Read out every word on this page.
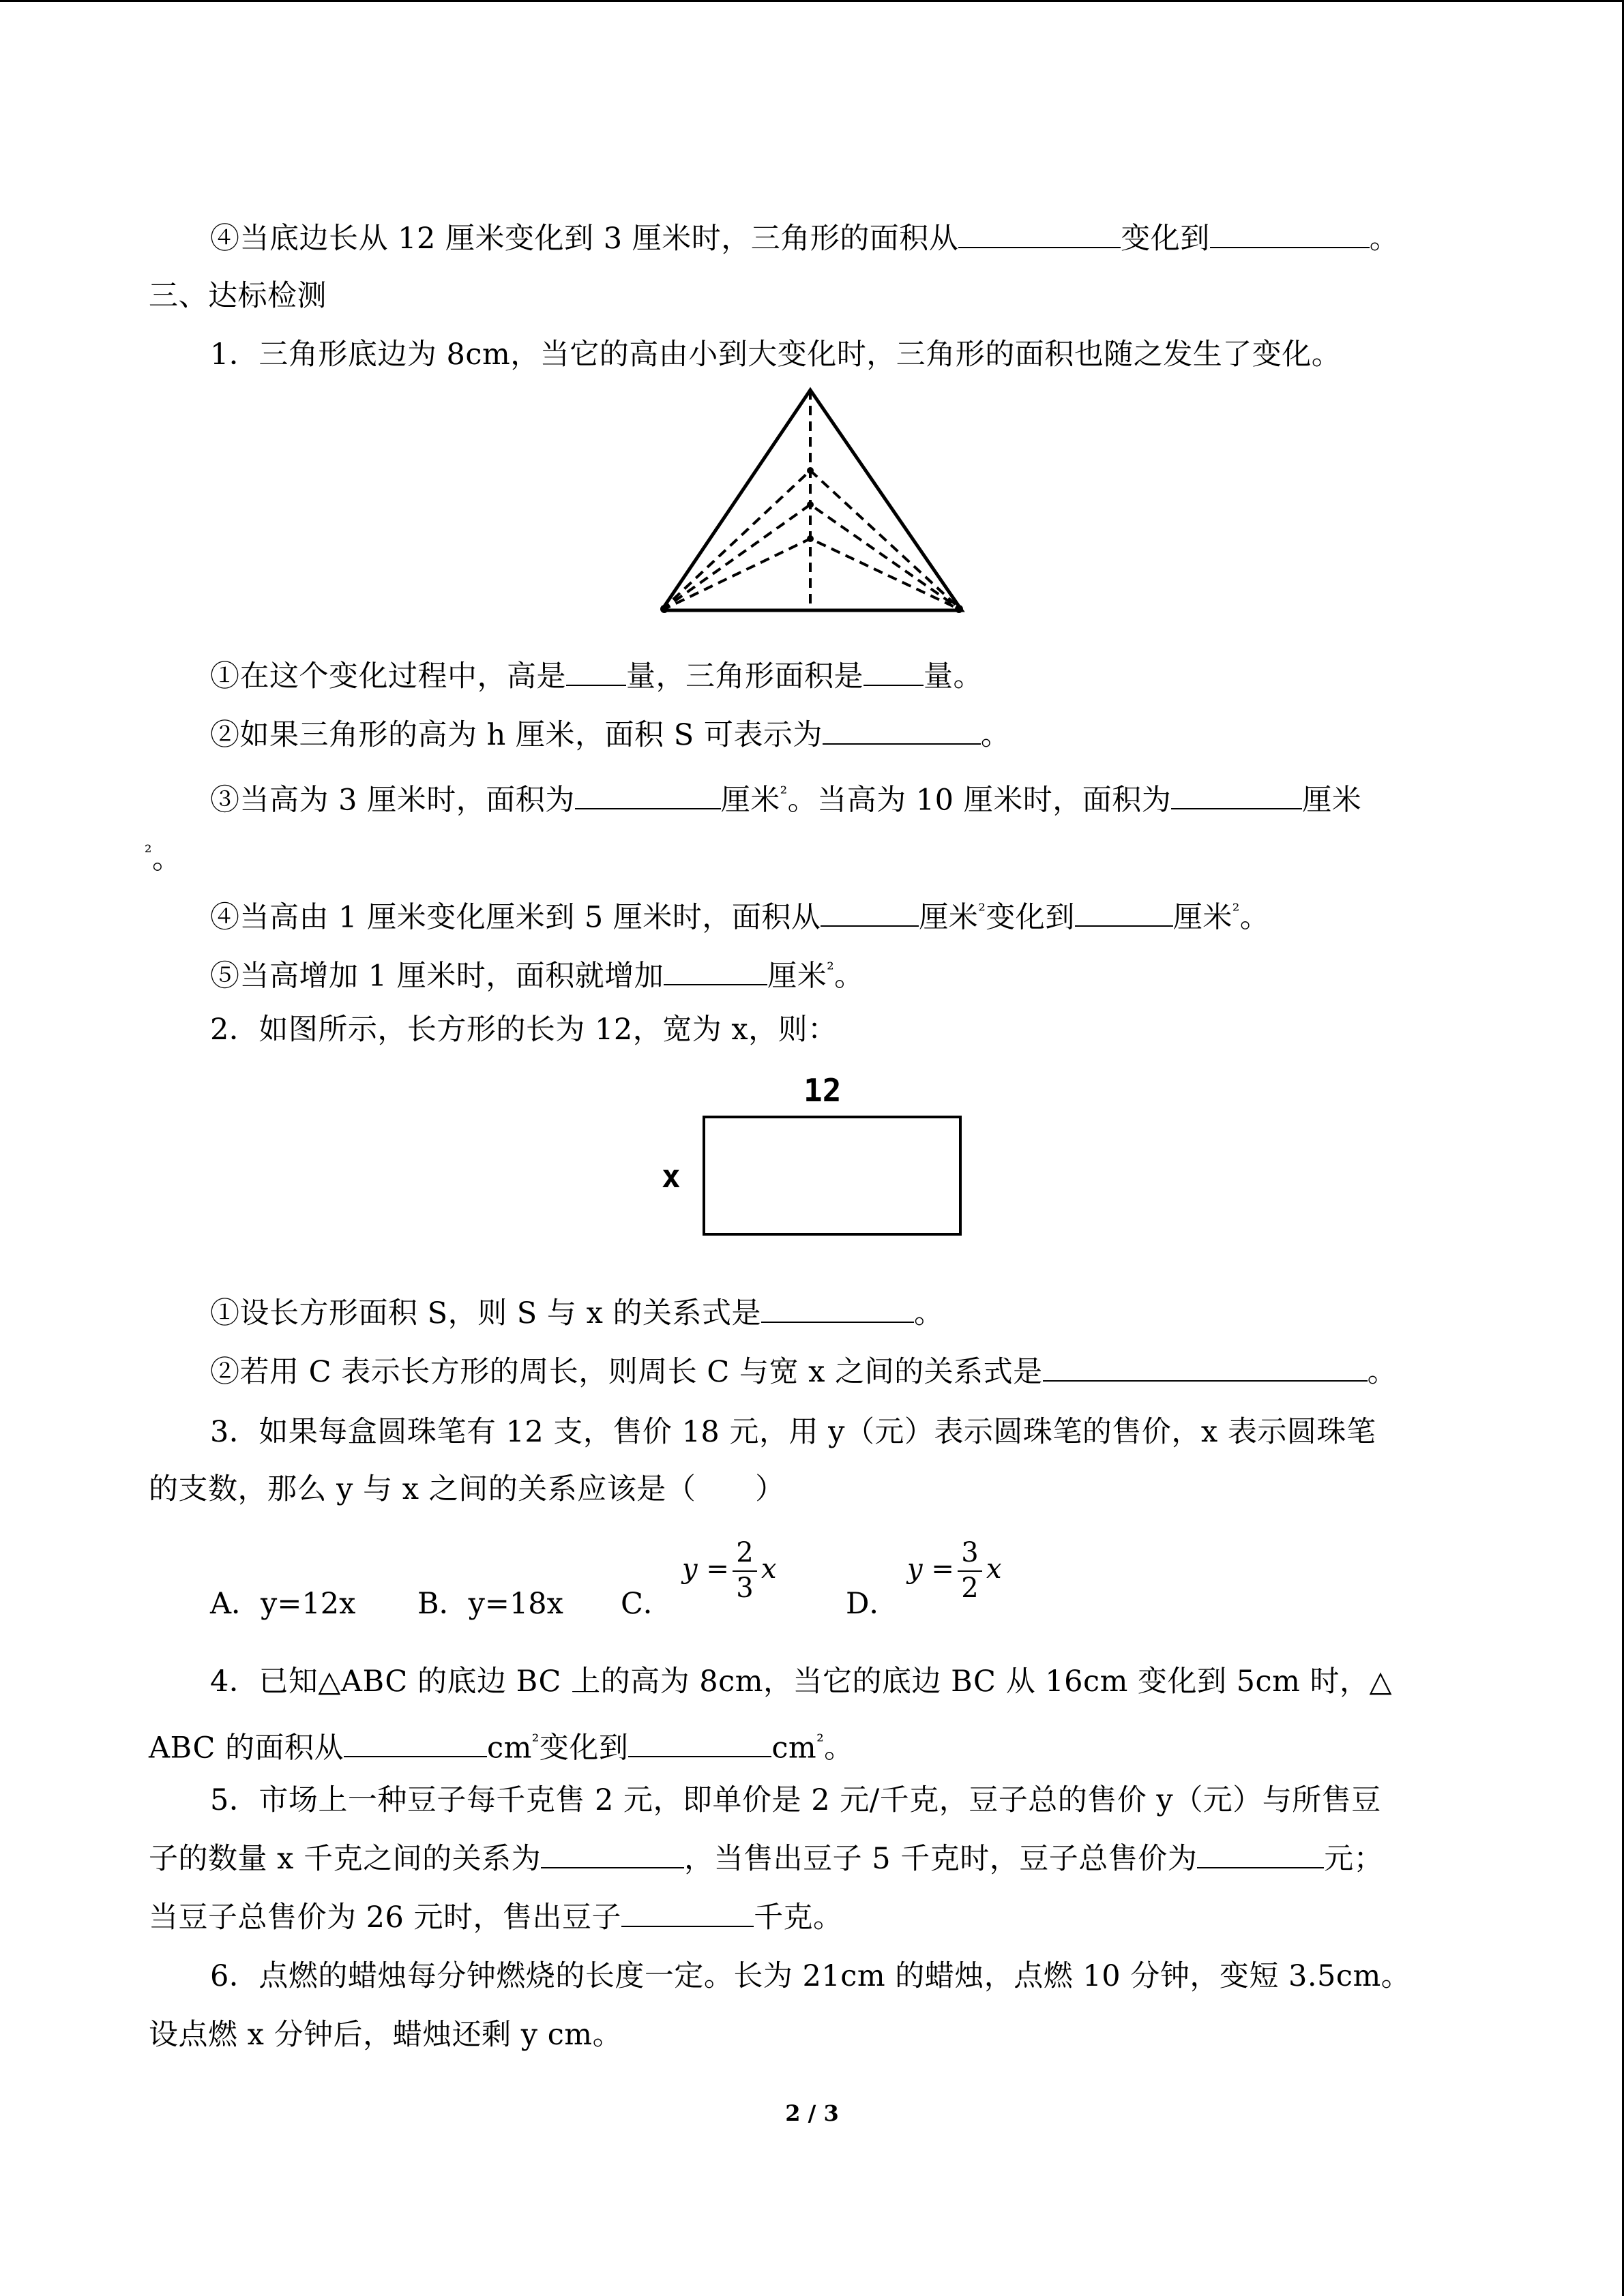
④当底边长从 12 厘米变化到 3 厘米时，三角形的面积从	变化到	。
三、达标检测
1．三角形底边为 8cm，当它的高由小到大变化时，三角形的面积也随之发生了变化。
①在这个变化过程中，高是 量，三角形面积是 量。
②如果三角形的高为 h 厘米，面积 S 可表示为	。
③当高为 3 厘米时，面积为	厘米$^{^2}$。当高为 10 厘米时，面积为	厘米
$^{^2}$。
④当高由 1 厘米变化厘米到 5 厘米时，面积从	厘米$^{^2}$变化到	厘米$^{^2}$。
⑤当高增加 1 厘米时，面积就增加	厘米$^{^2}$。
2．如图所示，长方形的长为 12，宽为 x，则：
12
x
①设长方形面积 S，则 S 与 x 的关系式是	。
②若用 C 表示长方形的周长，则周长 C 与宽 x 之间的关系式是	。
3．如果每盒圆珠笔有 12 支，售价 18 元，用 y（元）表示圆珠笔的售价，x 表示圆珠笔
的支数，那么 y 与 x 之间的关系应该是（　　）
A．y=12x B．y=18x C．	D．
y =
2
3
x	y =
3
2
x
4．已知△ABC 的底边 BC 上的高为 8cm，当它的底边 BC 从 16cm 变化到 5cm 时，△
ABC 的面积从	$cm^{^2}$变化到	$cm^{^2}$。
5．市场上一种豆子每千克售 2 元，即单价是 2 元/千克，豆子总的售价 y（元）与所售豆
子的数量 x 千克之间的关系为	，当售出豆子 5 千克时，豆子总售价为	元；
当豆子总售价为 26 元时，售出豆子	千克。
6．点燃的蜡烛每分钟燃烧的长度一定。长为 21cm 的蜡烛，点燃 10 分钟，变短 3.5cm。
设点燃 x 分钟后，蜡烛还剩 y cm。
2 / 3
